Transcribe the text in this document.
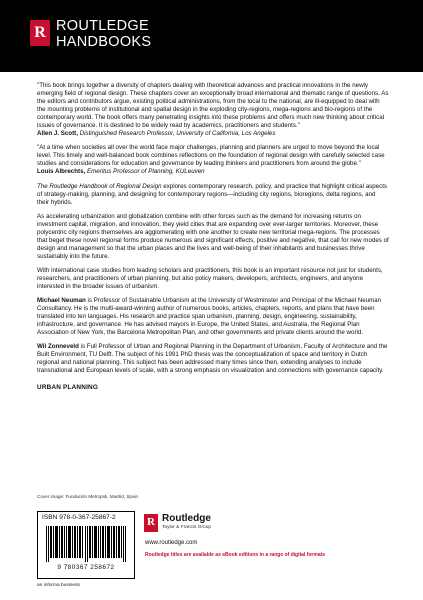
R ROUTLEDGE
HANDBOOKS

"This book brings together a diversity of chapters dealing with theoretical advances and practical innovations in the newly emerging field of regional design. These chapters cover an exceptionally broad international and thematic range of questions. As the editors and contributors argue, existing political administrations, from the local to the national, are ill-equipped to deal with the mounting problems of institutional and spatial design in the exploding city-regions, mega-regions and bio-regions of the contemporary world. The book offers many penetrating insights into these problems and offers much new thinking about critical issues of governance. It is destined to be widely read by academics, practitioners and students."
Allen J. Scott, Distinguished Research Professor, University of California, Los Angeles

"At a time when societies all over the world face major challenges, planning and planners are urged to move beyond the local level. This timely and well-balanced book combines reflections on the foundation of regional design with carefully selected case studies and considerations for education and governance by leading thinkers and practitioners from around the globe."
Louis Albrechts, Emeritus Professor of Planning, KULeuven

The Routledge Handbook of Regional Design explores contemporary research, policy, and practice that highlight critical aspects of strategy-making, planning, and designing for contemporary regions—including city regions, bioregions, delta regions, and their hybrids.

As accelerating urbanization and globalization combine with other forces such as the demand for increasing returns on investment capital, migration, and innovation, they yield cities that are expanding over ever-larger territories. Moreover, these polycentric city regions themselves are agglomerating with one another to create new territorial mega-regions. The processes that beget these novel regional forms produce numerous and significant effects, positive and negative, that call for new modes of design and management so that the urban places and the lives and well-being of their inhabitants and businesses thrive sustainably into the future.

With international case studies from leading scholars and practitioners, this book is an important resource not just for students, researchers, and practitioners of urban planning, but also policy makers, developers, architects, engineers, and anyone interested in the broader issues of urbanism.

Michael Neuman is Professor of Sustainable Urbanism at the University of Westminster and Principal of the Michael Neuman Consultancy. He is the multi-award-winning author of numerous books, articles, chapters, reports, and plans that have been translated into ten languages. His research and practice span urbanism, planning, design, engineering, sustainability, infrastructure, and governance. He has advised mayors in Europe, the United States, and Australia, the Regional Plan Association of New York, the Barcelona Metropolitan Plan, and other governments and private clients around the world.

Wil Zonneveld is Full Professor of Urban and Regional Planning in the Department of Urbanism, Faculty of Architecture and the Built Environment, TU Delft. The subject of his 1991 PhD thesis was the conceptualization of space and territory in Dutch regional and national planning. This subject has been addressed many times since then, extending analyses to include transnational and European levels of scale, with a strong emphasis on visualization and connections with governance capacity.

URBAN PLANNING
Cover image: Fundación Metropoli, Madrid, Spain
ISBN 978-0-367-25867-2
9 780367 258672
an informa business
R Routledge
Taylor & Francis Group
www.routledge.com
Routledge titles are available as eBook editions in a range of digital formats
